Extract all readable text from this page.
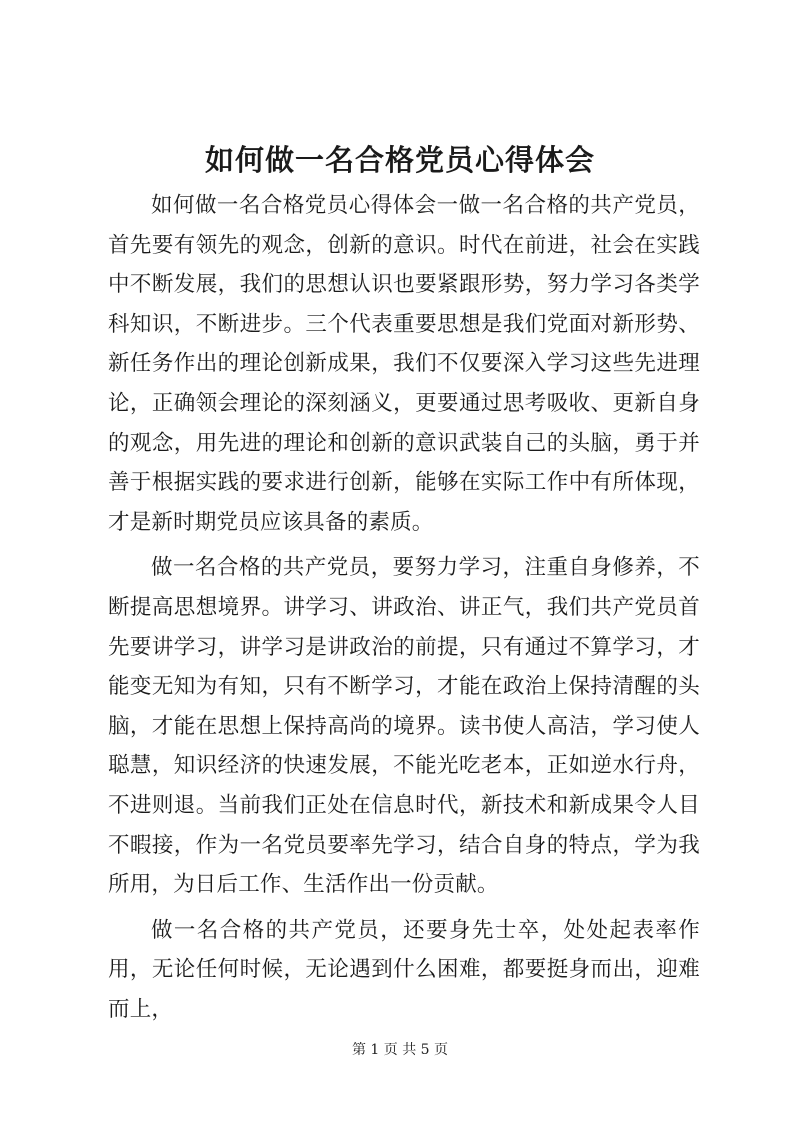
如何做一名合格党员心得体会

如何做一名合格党员心得体会一做一名合格的共产党员，首先要有领先的观念，创新的意识。时代在前进，社会在实践中不断发展，我们的思想认识也要紧跟形势，努力学习各类学科知识，不断进步。三个代表重要思想是我们党面对新形势、新任务作出的理论创新成果，我们不仅要深入学习这些先进理论，正确领会理论的深刻涵义，更要通过思考吸收、更新自身的观念，用先进的理论和创新的意识武装自己的头脑，勇于并善于根据实践的要求进行创新，能够在实际工作中有所体现，才是新时期党员应该具备的素质。

做一名合格的共产党员，要努力学习，注重自身修养，不断提高思想境界。讲学习、讲政治、讲正气，我们共产党员首先要讲学习，讲学习是讲政治的前提，只有通过不算学习，才能变无知为有知，只有不断学习，才能在政治上保持清醒的头脑，才能在思想上保持高尚的境界。读书使人高洁，学习使人聪慧，知识经济的快速发展，不能光吃老本，正如逆水行舟，不进则退。当前我们正处在信息时代，新技术和新成果令人目不暇接，作为一名党员要率先学习，结合自身的特点，学为我所用，为日后工作、生活作出一份贡献。

做一名合格的共产党员，还要身先士卒，处处起表率作用，无论任何时候，无论遇到什么困难，都要挺身而出，迎难而上，

第 1 页 共 5 页
